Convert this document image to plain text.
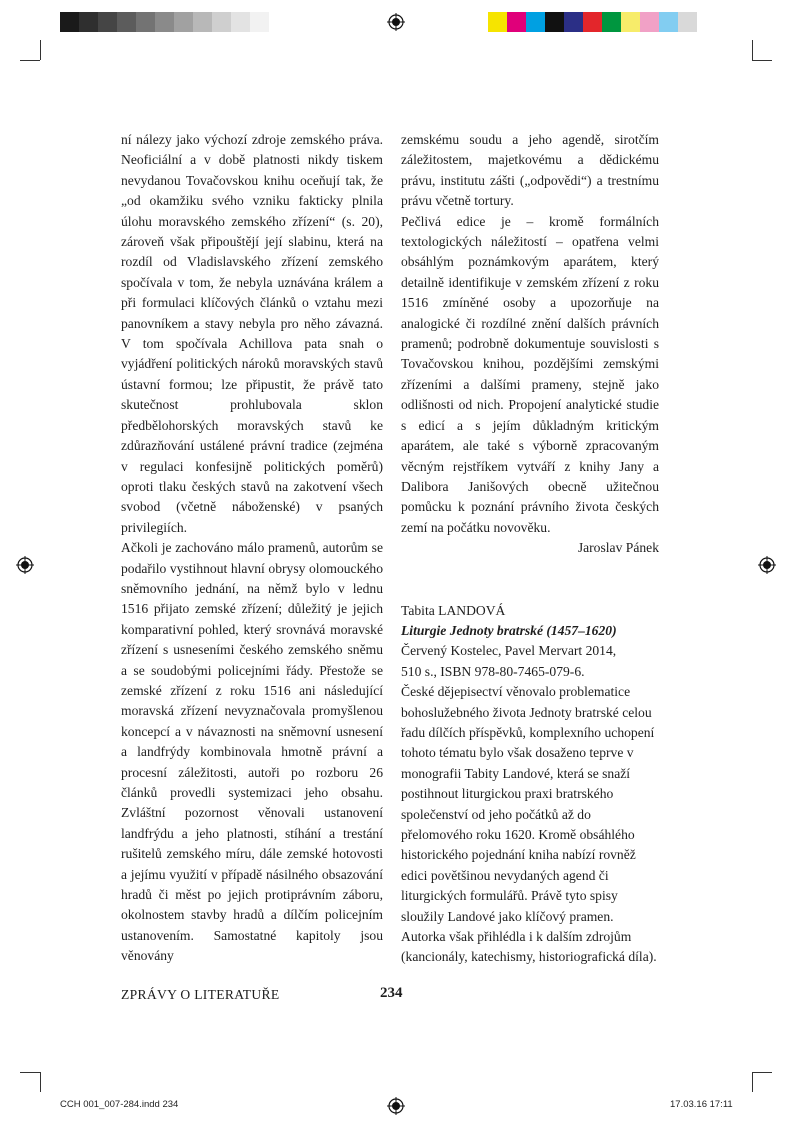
ní nálezy jako výchozí zdroje zemského práva. Neoficiální a v době platnosti nikdy tiskem nevydanou Tovačovskou knihu oceňují tak, že „od okamžiku svého vzniku fakticky plnila úlohu moravského zemského zřízení“ (s. 20), zároveň však připouštějí její slabinu, která na rozdíl od Vladislavského zřízení zemského spočívala v tom, že nebyla uznávána králem a při formulaci klíčových článků o vztahu mezi panovníkem a stavy nebyla pro něho závazná. V tom spočívala Achillova pata snah o vyjádření politických nároků moravských stavů ústavní formou; lze připustit, že právě tato skutečnost prohlubovala sklon předbělohorských moravských stavů ke zdůrazňování ustálené právní tradice (zejména v regulaci konfesijně politických poměrů) oproti tlaku českých stavů na zakotvení všech svobod (včetně náboženské) v psaných privilegiích.

Ačkoli je zachováno málo pramenů, autorům se podařilo vystihnout hlavní obrysy olomouckého sněmovního jednání, na němž bylo v lednu 1516 přijato zemské zřízení; důležitý je jejich komparativní pohled, který srovnává moravské zřízení s usneseními českého zemského sněmu a se soudobými policejními řády. Přestože se zemské zřízení z roku 1516 ani následující moravská zřízení nevyznačovala promyšlenou koncepcí a v návaznosti na sněmovní usnesení a landfrýdy kombinovala hmotně právní a procesní záležitosti, autoři po rozboru 26 článků provedli systemizaci jeho obsahu. Zvláštní pozornost věnovali ustanovení landfrýdu a jeho platnosti, stíhání a trestání rušitelů zemského míru, dále zemské hotovosti a jejímu využití v případě násilného obsazování hradů či měst po jejich protiprávním záboru, okolnostem stavby hradů a dílčím policejním ustanovením. Samostatné kapitoly jsou věnovány

zemskému soudu a jeho agendě, sirotčím záležitostem, majetkovému a dědickému právu, institutu zášti („odpovědi“) a trestnímu právu včetně tortury.

Pečlivá edice je – kromě formálních textologických náležitostí – opatřena velmi obsáhlým poznámkovým aparátem, který detailně identifikuje v zemském zřízení z roku 1516 zmíněné osoby a upozorňuje na analogické či rozdílné znění dalších právních pramenů; podrobně dokumentuje souvislosti s Tovačovskou knihou, pozdějšími zemskými zřízeními a dalšími prameny, stejně jako odlišnosti od nich. Propojení analytické studie s edicí a s jejím důkladným kritickým aparátem, ale také s výborně zpracovaným věcným rejstříkem vytváří z knihy Jany a Dalibora Janišových obecně užitečnou pomůcku k poznání právního života českých zemí na počátku novověku.

Jaroslav Pánek

Tabita LANDOVÁ
Liturgie Jednoty bratrské (1457–1620)
Červený Kostelec, Pavel Mervart 2014,
510 s., ISBN 978-80-7465-079-6.

České dějepisectví věnovalo problematice bohoslužebného života Jednoty bratrské celou řadu dílčích příspěvků, komplexního uchopení tohoto tématu bylo však dosaženo teprve v monografii Tabity Landové, která se snaží postihnout liturgickou praxi bratrského společenství od jeho počátků až do přelomového roku 1620. Kromě obsáhlého historického pojednání kniha nabízí rovněž edici povětšinou nevydaných agend či liturgických formulářů. Právě tyto spisy sloužily Landové jako klíčový pramen. Autorka však přihlédla i k dalším zdrojům (kancionály, katechismy, historiografická díla).

ZPRÁVY O LITERATUŘE	234
CCH 001_007-284.indd 234	17.03.16 17:11
